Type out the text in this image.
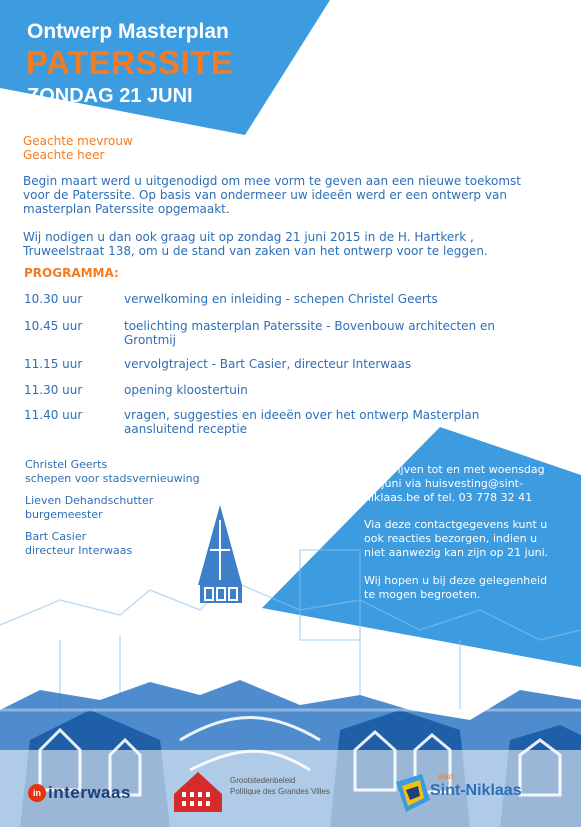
Ontwerp Masterplan
PATERSSITE
ZONDAG 21 JUNI
Geachte mevrouw
Geachte heer
Begin maart werd u uitgenodigd om mee vorm te geven aan een nieuwe toekomst
voor de Paterssite. Op basis van ondermeer uw ideeën werd er een ontwerp van
masterplan Paterssite opgemaakt.
Wij nodigen u dan ook graag uit op zondag 21 juni 2015 in de H. Hartkerk ,
Truweelstraat 138, om u de stand van zaken van het ontwerp voor te leggen.
PROGRAMMA:
10.30 uur	verwelkoming en inleiding - schepen Christel Geerts
10.45 uur	toelichting masterplan Paterssite - Bovenbouw architecten en Grontmij
11.15 uur	vervolgtraject - Bart Casier, directeur Interwaas
11.30 uur	opening kloostertuin
11.40 uur	vragen, suggesties en ideeën over het ontwerp Masterplan aansluitend receptie
Christel Geerts
schepen voor stadsvernieuwing
Lieven Dehandschutter
burgemeester
Bart Casier
directeur Interwaas
Inschrijven tot en met woensdag
17 juni via huisvesting@sint-
niklaas.be of tel. 03 778 32 41
Via deze contactgegevens kunt u
ook reacties bezorgen, indien u
niet aanwezig kan zijn op 21 juni.
Wij hopen u bij deze gelegenheid
te mogen begroeten.
in interwaas
Grootstedenbeleid
Politique des Grandes Villes
stad
Sint-Niklaas
